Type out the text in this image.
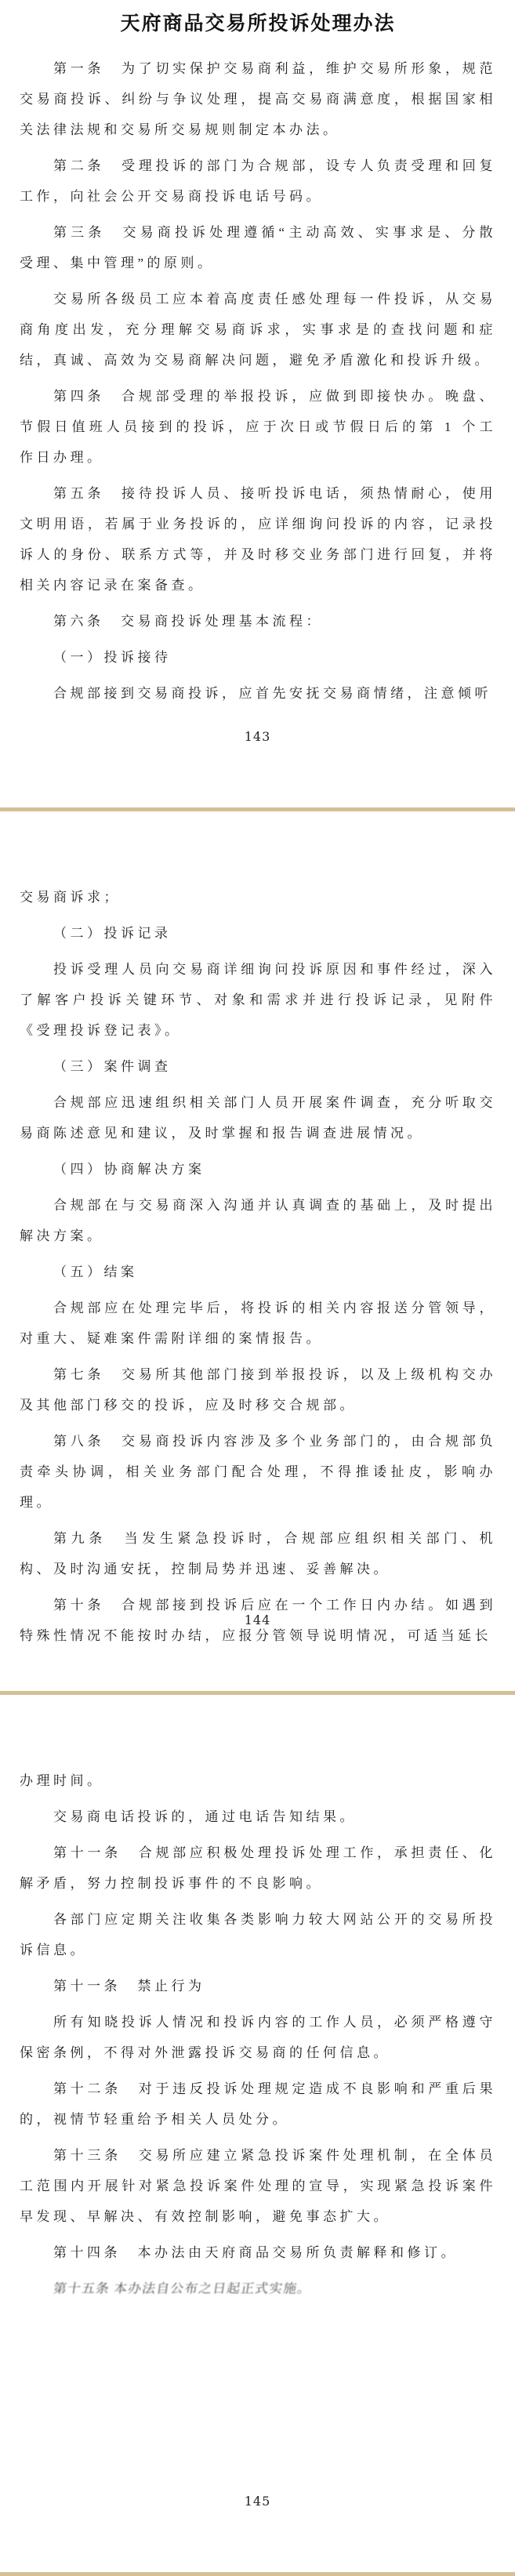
天府商品交易所投诉处理办法

第一条　为了切实保护交易商利益，维护交易所形象，规范交易商投诉、纠纷与争议处理，提高交易商满意度，根据国家相关法律法规和交易所交易规则制定本办法。

第二条　受理投诉的部门为合规部，设专人负责受理和回复工作，向社会公开交易商投诉电话号码。

第三条　交易商投诉处理遵循“主动高效、实事求是、分散受理、集中管理”的原则。

交易所各级员工应本着高度责任感处理每一件投诉，从交易商角度出发，充分理解交易商诉求，实事求是的查找问题和症结，真诚、高效为交易商解决问题，避免矛盾激化和投诉升级。

第四条　合规部受理的举报投诉，应做到即接快办。晚盘、节假日值班人员接到的投诉，应于次日或节假日后的第 1 个工作日办理。

第五条　接待投诉人员、接听投诉电话，须热情耐心，使用文明用语，若属于业务投诉的，应详细询问投诉的内容，记录投诉人的身份、联系方式等，并及时移交业务部门进行回复，并将相关内容记录在案备查。

第六条　交易商投诉处理基本流程：

（一）投诉接待

合规部接到交易商投诉，应首先安抚交易商情绪，注意倾听

143

交易商诉求；

（二）投诉记录

投诉受理人员向交易商详细询问投诉原因和事件经过，深入了解客户投诉关键环节、对象和需求并进行投诉记录，见附件《受理投诉登记表》。

（三）案件调查

合规部应迅速组织相关部门人员开展案件调查，充分听取交易商陈述意见和建议，及时掌握和报告调查进展情况。

（四）协商解决方案

合规部在与交易商深入沟通并认真调查的基础上，及时提出解决方案。

（五）结案

合规部应在处理完毕后，将投诉的相关内容报送分管领导，对重大、疑难案件需附详细的案情报告。

第七条　交易所其他部门接到举报投诉，以及上级机构交办及其他部门移交的投诉，应及时移交合规部。

第八条　交易商投诉内容涉及多个业务部门的，由合规部负责牵头协调，相关业务部门配合处理，不得推诿扯皮，影响办理。

第九条　当发生紧急投诉时，合规部应组织相关部门、机构、及时沟通安抚，控制局势并迅速、妥善解决。

第十条　合规部接到投诉后应在一个工作日内办结。如遇到特殊性情况不能按时办结，应报分管领导说明情况，可适当延长

144

办理时间。

交易商电话投诉的，通过电话告知结果。

第十一条　合规部应积极处理投诉处理工作，承担责任、化解矛盾，努力控制投诉事件的不良影响。

各部门应定期关注收集各类影响力较大网站公开的交易所投诉信息。

第十一条　禁止行为

所有知晓投诉人情况和投诉内容的工作人员，必须严格遵守保密条例，不得对外泄露投诉交易商的任何信息。

第十二条　对于违反投诉处理规定造成不良影响和严重后果的，视情节轻重给予相关人员处分。

第十三条　交易所应建立紧急投诉案件处理机制，在全体员工范围内开展针对紧急投诉案件处理的宣导，实现紧急投诉案件早发现、早解决、有效控制影响，避免事态扩大。

第十四条　本办法由天府商品交易所负责解释和修订。

第十五条 本办法自公布之日起正式实施。

145
